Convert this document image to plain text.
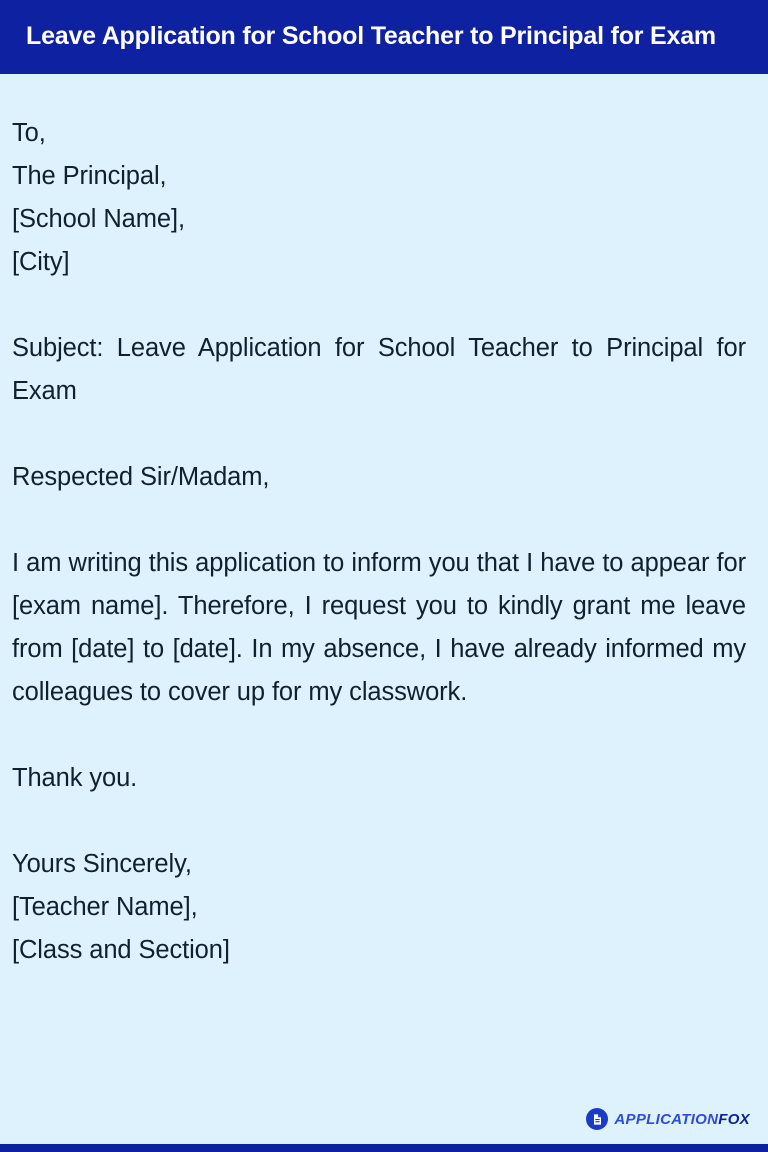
Leave Application for School Teacher to Principal for Exam
To,
The Principal,
[School Name],
[City]

Subject: Leave Application for School Teacher to Principal for Exam

Respected Sir/Madam,

I am writing this application to inform you that I have to appear for [exam name]. Therefore, I request you to kindly grant me leave from [date] to [date]. In my absence, I have already informed my colleagues to cover up for my classwork.

Thank you.

Yours Sincerely,
[Teacher Name],
[Class and Section]
APPLICATIONFOX
